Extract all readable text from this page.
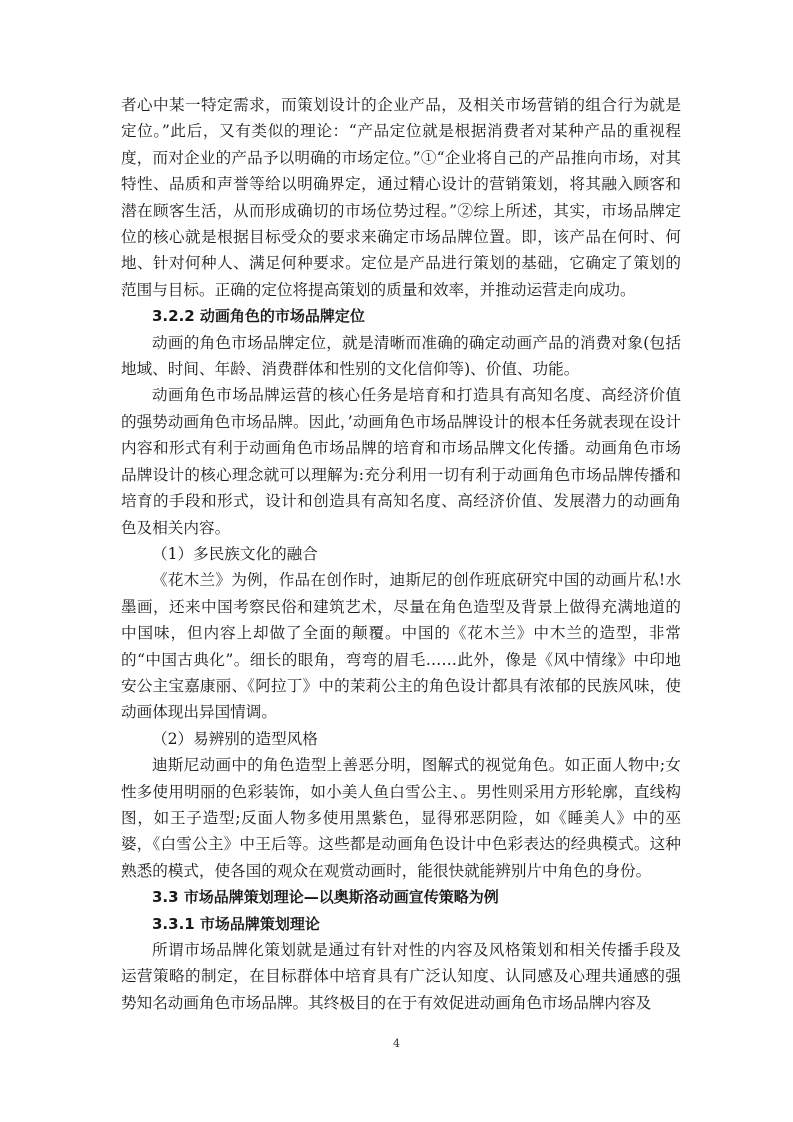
者心中某一特定需求，而策划设计的企业产品，及相关市场营销的组合行为就是定位。”此后，又有类似的理论：“产品定位就是根据消费者对某种产品的重视程度，而对企业的产品予以明确的市场定位。”①“企业将自己的产品推向市场，对其特性、品质和声誉等给以明确界定，通过精心设计的营销策划，将其融入顾客和潜在顾客生活，从而形成确切的市场位势过程。”②综上所述，其实，市场品牌定位的核心就是根据目标受众的要求来确定市场品牌位置。即，该产品在何时、何地、针对何种人、满足何种要求。定位是产品进行策划的基础，它确定了策划的范围与目标。正确的定位将提高策划的质量和效率，并推动运营走向成功。

3.2.2 动画角色的市场品牌定位

动画的角色市场品牌定位，就是清晰而准确的确定动画产品的消费对象(包括地域、时间、年龄、消费群体和性别的文化信仰等)、价值、功能。

动画角色市场品牌运营的核心任务是培育和打造具有高知名度、高经济价值的强势动画角色市场品牌。因此，’动画角色市场品牌设计的根本任务就表现在设计内容和形式有利于动画角色市场品牌的培育和市场品牌文化传播。动画角色市场品牌设计的核心理念就可以理解为:充分利用一切有利于动画角色市场品牌传播和培育的手段和形式，设计和创造具有高知名度、高经济价值、发展潜力的动画角色及相关内容。

（1）多民族文化的融合

《花木兰》为例，作品在创作时，迪斯尼的创作班底研究中国的动画片私!水墨画，还来中国考察民俗和建筑艺术，尽量在角色造型及背景上做得充满地道的中国味，但内容上却做了全面的颠覆。中国的《花木兰》中木兰的造型，非常的“中国古典化”。细长的眼角，弯弯的眉毛……此外，像是《风中情缘》中印地安公主宝嘉康丽、《阿拉丁》中的茉莉公主的角色设计都具有浓郁的民族风味，使动画体现出异国情调。

（2）易辨别的造型风格

迪斯尼动画中的角色造型上善恶分明，图解式的视觉角色。如正面人物中;女性多使用明丽的色彩装饰，如小美人鱼白雪公主、。男性则采用方形轮廓，直线构图，如王子造型;反面人物多使用黑紫色，显得邪恶阴险，如《睡美人》中的巫婆，《白雪公主》中王后等。这些都是动画角色设计中色彩表达的经典模式。这种熟悉的模式，使各国的观众在观赏动画时，能很快就能辨别片中角色的身份。

3.3 市场品牌策划理论—以奥斯洛动画宣传策略为例

3.3.1 市场品牌策划理论

所谓市场品牌化策划就是通过有针对性的内容及风格策划和相关传播手段及运营策略的制定，在目标群体中培育具有广泛认知度、认同感及心理共通感的强势知名动画角色市场品牌。其终极目的在于有效促进动画角色市场品牌内容及

4
